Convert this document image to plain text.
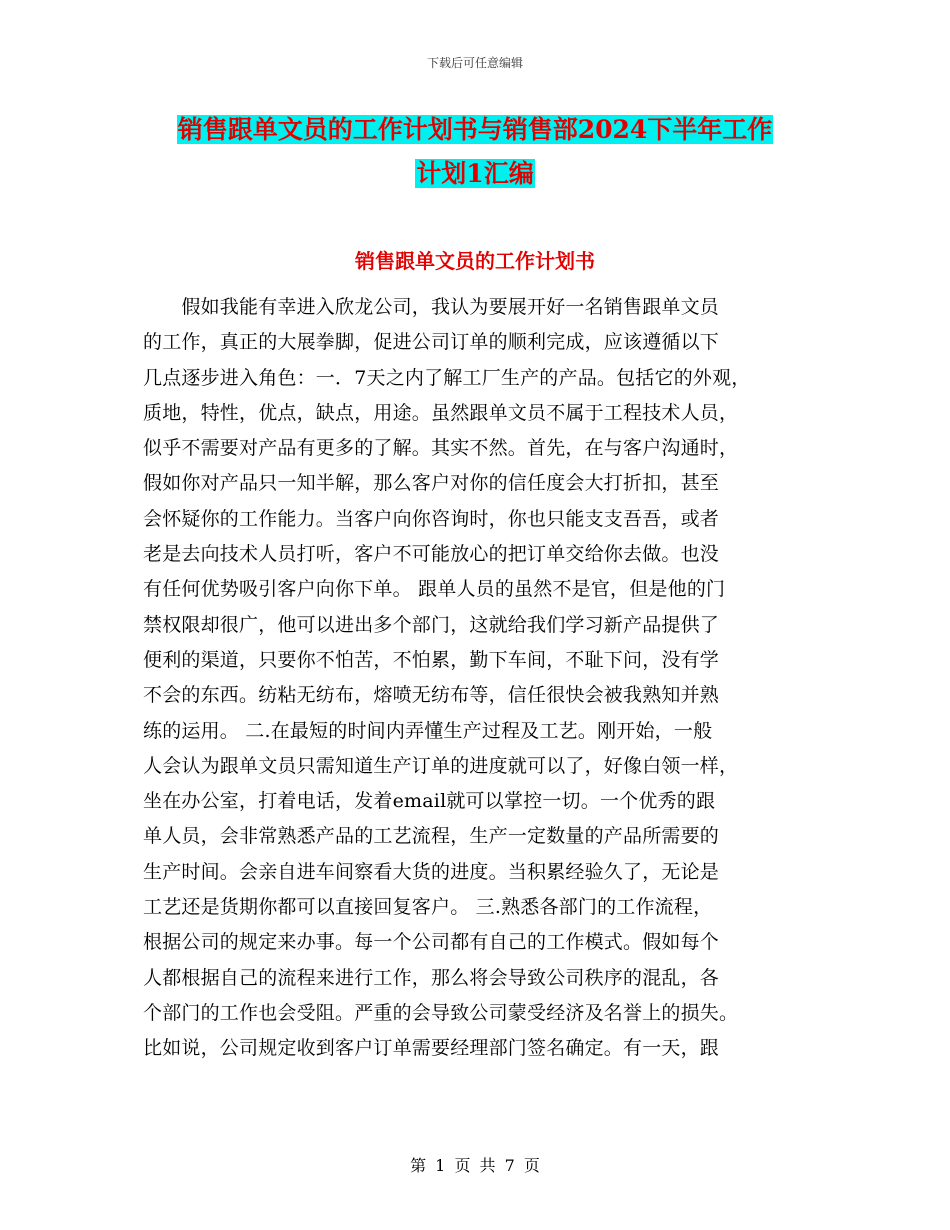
下载后可任意编辑
销售跟单文员的工作计划书与销售部2024下半年工作
计划1汇编
销售跟单文员的工作计划书
　　假如我能有幸进入欣龙公司，我认为要展开好一名销售跟单文员
的工作，真正的大展拳脚，促进公司订单的顺利完成，应该遵循以下
几点逐步进入角色：一．7天之内了解工厂生产的产品。包括它的外观，
质地，特性，优点，缺点，用途。虽然跟单文员不属于工程技术人员，
似乎不需要对产品有更多的了解。其实不然。首先，在与客户沟通时，
假如你对产品只一知半解，那么客户对你的信任度会大打折扣，甚至
会怀疑你的工作能力。当客户向你咨询时，你也只能支支吾吾，或者
老是去向技术人员打听，客户不可能放心的把订单交给你去做。也没
有任何优势吸引客户向你下单。 跟单人员的虽然不是官，但是他的门
禁权限却很广，他可以进出多个部门，这就给我们学习新产品提供了
便利的渠道，只要你不怕苦，不怕累，勤下车间，不耻下问，没有学
不会的东西。纺粘无纺布，熔喷无纺布等，信任很快会被我熟知并熟
练的运用。 二.在最短的时间内弄懂生产过程及工艺。刚开始，一般
人会认为跟单文员只需知道生产订单的进度就可以了，好像白领一样，
坐在办公室，打着电话，发着email就可以掌控一切。一个优秀的跟
单人员，会非常熟悉产品的工艺流程，生产一定数量的产品所需要的
生产时间。会亲自进车间察看大货的进度。当积累经验久了，无论是
工艺还是货期你都可以直接回复客户。 三.熟悉各部门的工作流程，
根据公司的规定来办事。每一个公司都有自己的工作模式。假如每个
人都根据自己的流程来进行工作，那么将会导致公司秩序的混乱，各
个部门的工作也会受阻。严重的会导致公司蒙受经济及名誉上的损失。
比如说，公司规定收到客户订单需要经理部门签名确定。有一天，跟
第 1 页 共 7 页
